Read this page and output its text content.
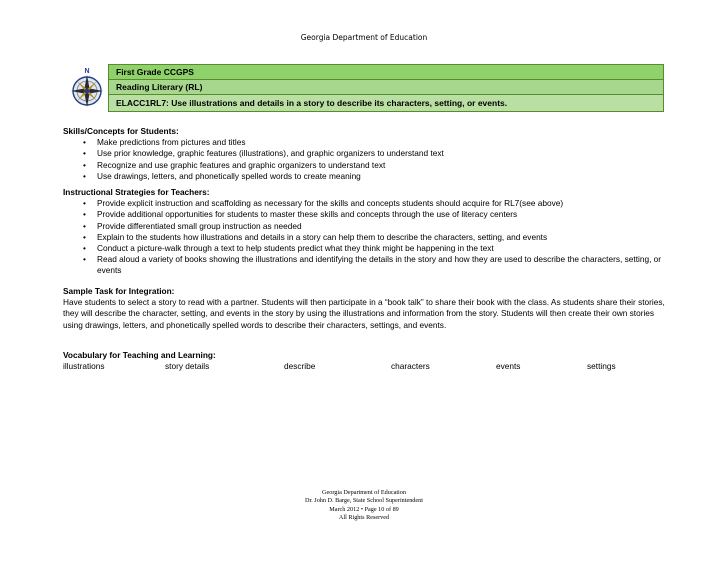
Georgia Department of Education
N	First Grade CCGPS
Reading Literary (RL)
ELACC1RL7: Use illustrations and details in a story to describe its characters, setting, or events.
Skills/Concepts for Students:
• Make predictions from pictures and titles
• Use prior knowledge, graphic features (illustrations), and graphic organizers to understand text
• Recognize and use graphic features and graphic organizers to understand text
• Use drawings, letters, and phonetically spelled words to create meaning
Instructional Strategies for Teachers:
• Provide explicit instruction and scaffolding as necessary for the skills and concepts students should acquire for RL7(see above)
• Provide additional opportunities for students to master these skills and concepts through the use of literacy centers
• Provide differentiated small group instruction as needed
• Explain to the students how illustrations and details in a story can help them to describe the characters, setting, and events
• Conduct a picture-walk through a text to help students predict what they think might be happening in the text
• Read aloud a variety of books showing the illustrations and identifying the details in the story and how they are used to describe the characters, setting, or events
Sample Task for Integration:
Have students to select a story to read with a partner. Students will then participate in a “book talk” to share their book with the class. As students share their stories, they will describe the character, setting, and events in the story by using the illustrations and information from the story. Students will then create their own stories using drawings, letters, and phonetically spelled words to describe their characters, settings, and events.
Vocabulary for Teaching and Learning:
illustrations	story details	describe	characters	events	settings
Georgia Department of Education
Dr. John D. Barge, State School Superintendent
March 2012 • Page 10 of 89
All Rights Reserved
